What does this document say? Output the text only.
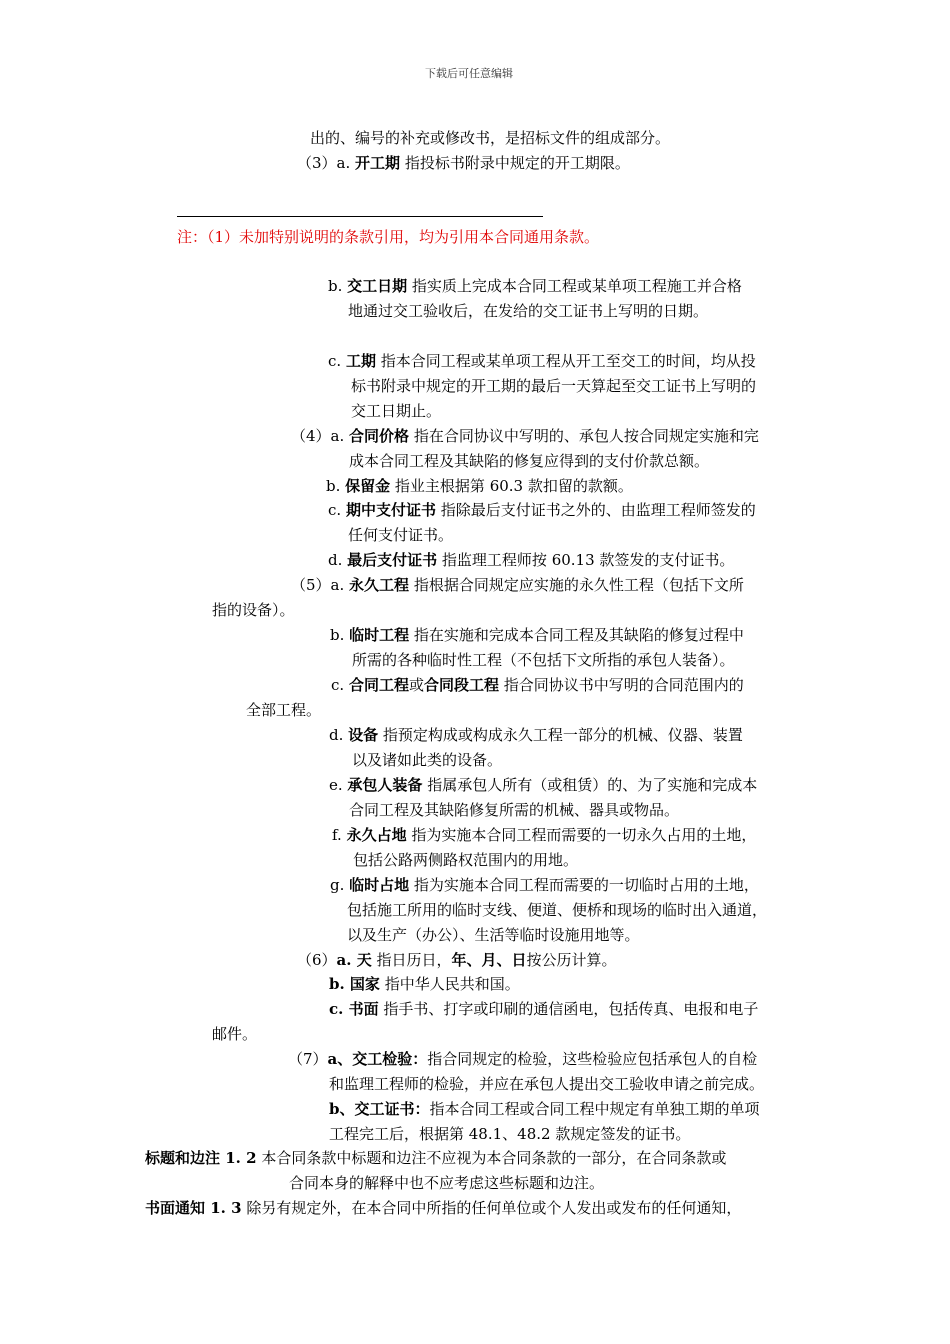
下载后可任意编辑
出的、编号的补充或修改书，是招标文件的组成部分。
（3）a. 开工期 指投标书附录中规定的开工期限。
注：（1）未加特别说明的条款引用，均为引用本合同通用条款。
b. 交工日期 指实质上完成本合同工程或某单项工程施工并合格
地通过交工验收后，在发给的交工证书上写明的日期。
c. 工期 指本合同工程或某单项工程从开工至交工的时间，均从投
标书附录中规定的开工期的最后一天算起至交工证书上写明的
交工日期止。
（4）a. 合同价格 指在合同协议中写明的、承包人按合同规定实施和完
成本合同工程及其缺陷的修复应得到的支付价款总额。
b. 保留金 指业主根据第 60.3 款扣留的款额。
c. 期中支付证书 指除最后支付证书之外的、由监理工程师签发的
任何支付证书。
d. 最后支付证书 指监理工程师按 60.13 款签发的支付证书。
（5）a. 永久工程 指根据合同规定应实施的永久性工程（包括下文所
指的设备）。
b. 临时工程 指在实施和完成本合同工程及其缺陷的修复过程中
所需的各种临时性工程（不包括下文所指的承包人装备）。
c. 合同工程或合同段工程 指合同协议书中写明的合同范围内的
全部工程。
d. 设备 指预定构成或构成永久工程一部分的机械、仪器、装置
以及诸如此类的设备。
e. 承包人装备 指属承包人所有（或租赁）的、为了实施和完成本
合同工程及其缺陷修复所需的机械、器具或物品。
f. 永久占地 指为实施本合同工程而需要的一切永久占用的土地，
包括公路两侧路权范围内的用地。
g. 临时占地 指为实施本合同工程而需要的一切临时占用的土地，
包括施工所用的临时支线、便道、便桥和现场的临时出入通道，
以及生产（办公）、生活等临时设施用地等。
（6）a. 天 指日历日，年、月、日按公历计算。
b. 国家 指中华人民共和国。
c. 书面 指手书、打字或印刷的通信函电，包括传真、电报和电子
邮件。
（7）a、交工检验：指合同规定的检验，这些检验应包括承包人的自检
和监理工程师的检验，并应在承包人提出交工验收申请之前完成。
b、交工证书：指本合同工程或合同工程中规定有单独工期的单项
工程完工后，根据第 48.1、48.2 款规定签发的证书。
标题和边注 1. 2 本合同条款中标题和边注不应视为本合同条款的一部分，在合同条款或
合同本身的解释中也不应考虑这些标题和边注。
书面通知 1. 3 除另有规定外，在本合同中所指的任何单位或个人发出或发布的任何通知，
